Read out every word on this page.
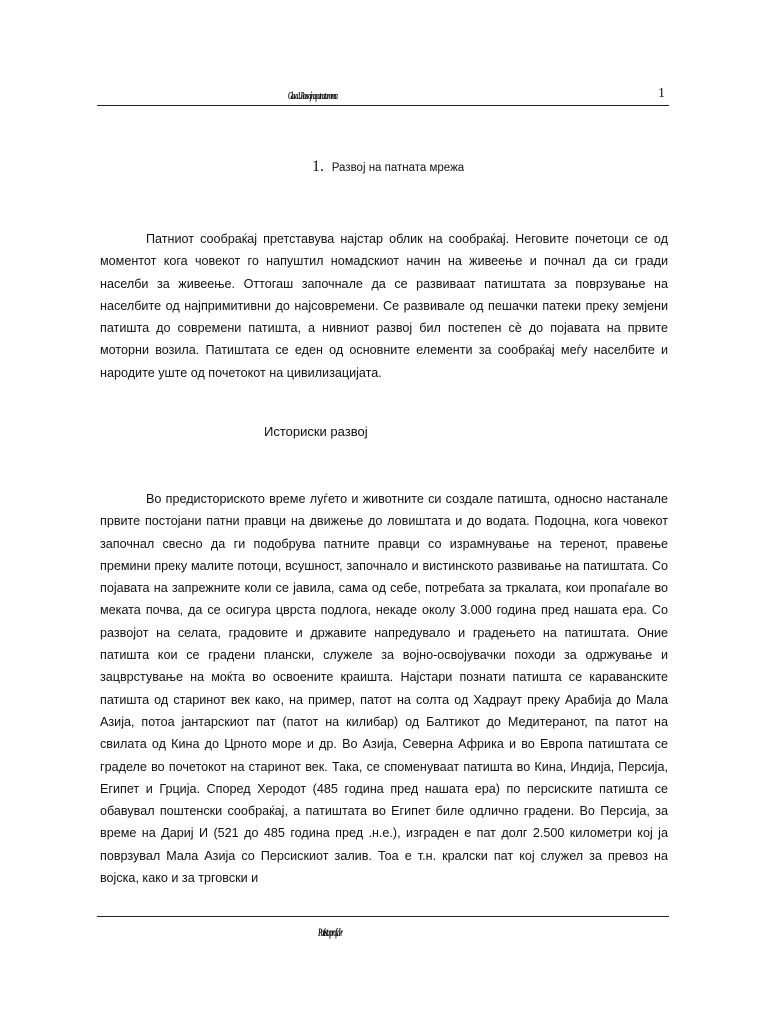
Glava 1. Razvoj na patnata mreza	1
1. Развој на патната мрежа

Патниот сообраќај претставува најстар облик на сообраќај. Неговите почетоци се од моментот кога човекот го напуштил номадскиот начин на живеење и почнал да си гради населби за живеење. Оттогаш започнале да се развиваат патиштата за поврзување на населбите од најпримитивни до најсовремени. Се развивале од пешачки патеки преку земјени патишта до современи патишта, а нивниот развој бил постепен сѐ до појавата на првите моторни возила. Патиштата се еден од основните елементи за сообраќај меѓу населбите и народите уште од почетокот на цивилизацијата.

Историски развој

Во предисториското време луѓето и животните си создале патишта, односно настанале првите постојани патни правци на движење до ловиштата и до водата. Подоцна, кога човекот започнал свесно да ги подобрува патните правци со израмнување на теренот, правење премини преку малите потоци, всушност, започнало и вистинското развивање на патиштата. Со појавата на запрежните коли се јавила, сама од себе, потребата за тркалата, кои пропаѓале во меката почва, да се осигура цврста подлога, некаде околу 3.000 година пред нашата ера. Со развојот на селата, градовите и државите напредувало и градењето на патиштата. Оние патишта кои се градени плански, служеле за војно-освојувачки походи за одржување и зацврстување на моќта во освоените краишта. Најстари познати патишта се караванските патишта од старинот век како, на пример, патот на солта од Хадраут преку Арабија до Мала Азија, потоа јантарскиот пат (патот на килибар) од Балтикот до Медитеранот, па патот на свилата од Кина до Црното море и др. Во Азија, Северна Африка и во Европа патиштата се граделе во почетокот на старинот век. Така, се споменуваат патишта во Кина, Индија, Персија, Египет и Грција. Според Херодот (485 година пред нашата ера) по персиските патишта се обавувал поштенски сообраќај, а патиштата во Египет биле одлично градени. Во Персија, за време на Дариј И (521 до 485 година пред .н.е.), изграден е пат долг 2.500 километри кој ја поврзувал Мала Азија со Персискиот залив. Тоа е т.н. кралски пат кој служел за превоз на војска, како и за трговски и

Patista prof.d-r
